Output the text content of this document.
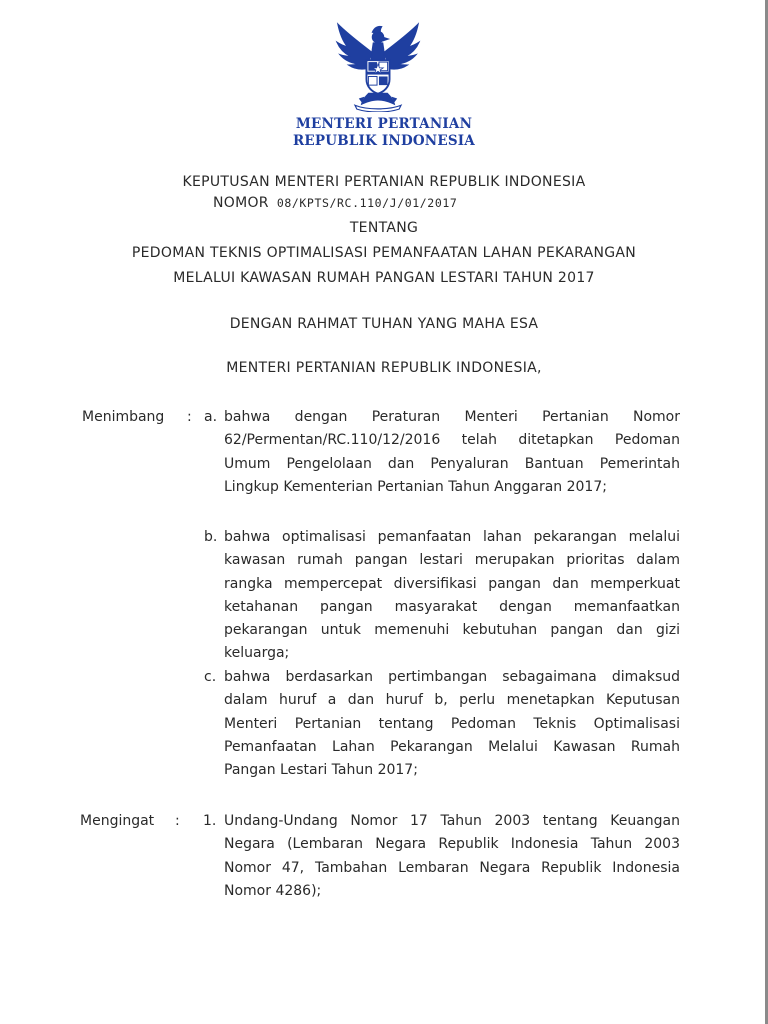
MENTERI PERTANIAN
REPUBLIK INDONESIA
KEPUTUSAN MENTERI PERTANIAN REPUBLIK INDONESIA
NOMOR 08/KPTS/RC.110/J/01/2017
TENTANG
PEDOMAN TEKNIS OPTIMALISASI PEMANFAATAN LAHAN PEKARANGAN
MELALUI KAWASAN RUMAH PANGAN LESTARI TAHUN 2017
DENGAN RAHMAT TUHAN YANG MAHA ESA
MENTERI PERTANIAN REPUBLIK INDONESIA,
Menimbang : a. bahwa dengan Peraturan Menteri Pertanian Nomor 62/Permentan/RC.110/12/2016 telah ditetapkan Pedoman Umum Pengelolaan dan Penyaluran Bantuan Pemerintah Lingkup Kementerian Pertanian Tahun Anggaran 2017;
b. bahwa optimalisasi pemanfaatan lahan pekarangan melalui kawasan rumah pangan lestari merupakan prioritas dalam rangka mempercepat diversifikasi pangan dan memperkuat ketahanan pangan masyarakat dengan memanfaatkan pekarangan untuk memenuhi kebutuhan pangan dan gizi keluarga;
c. bahwa berdasarkan pertimbangan sebagaimana dimaksud dalam huruf a dan huruf b, perlu menetapkan Keputusan Menteri Pertanian tentang Pedoman Teknis Optimalisasi Pemanfaatan Lahan Pekarangan Melalui Kawasan Rumah Pangan Lestari Tahun 2017;
Mengingat : 1. Undang-Undang Nomor 17 Tahun 2003 tentang Keuangan Negara (Lembaran Negara Republik Indonesia Tahun 2003 Nomor 47, Tambahan Lembaran Negara Republik Indonesia Nomor 4286);
